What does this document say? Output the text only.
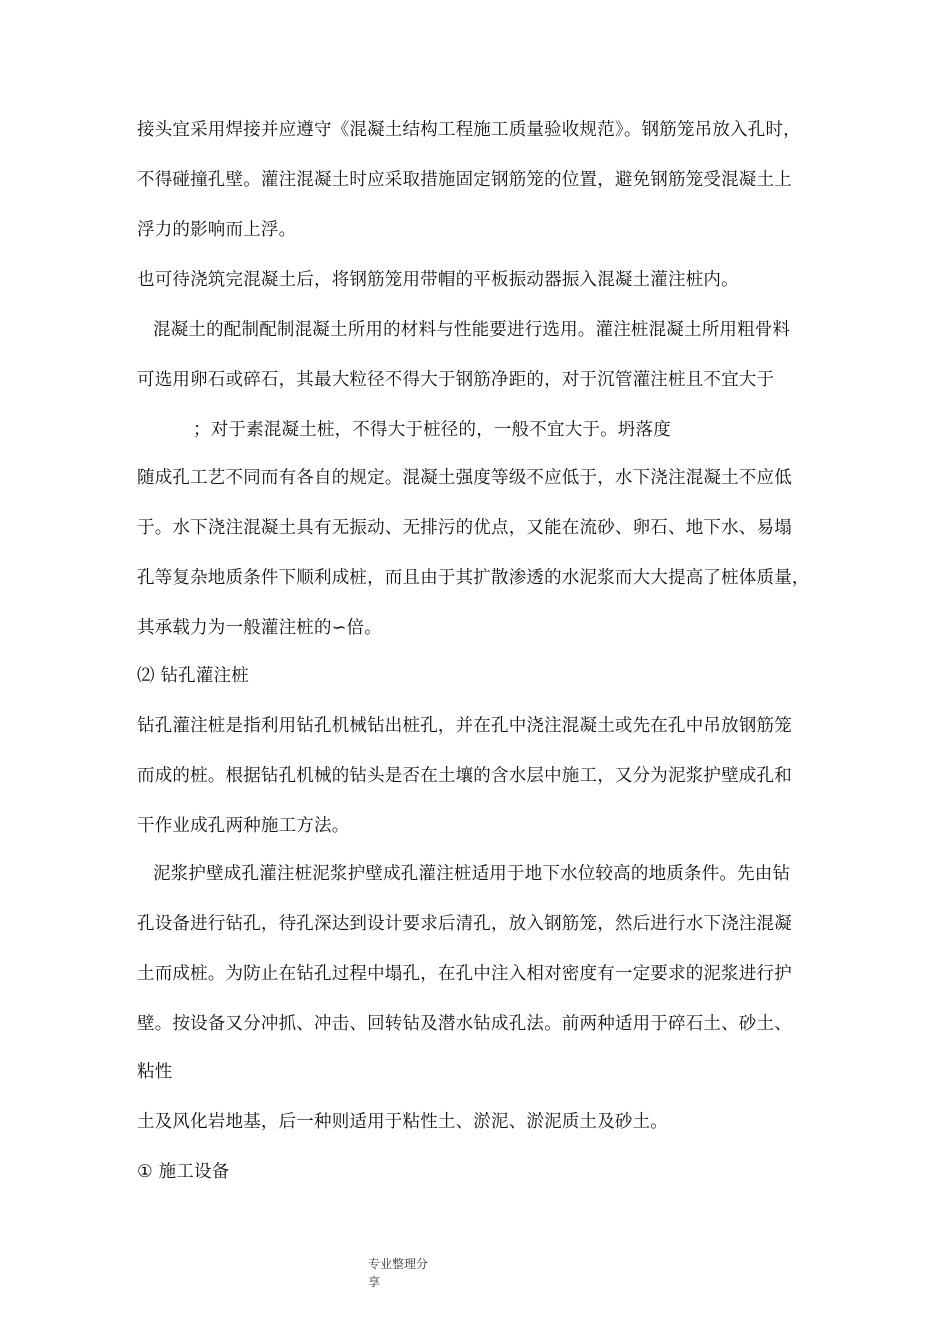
接头宜采用焊接并应遵守《混凝土结构工程施工质量验收规范》。钢筋笼吊放入孔时，
不得碰撞孔壁。灌注混凝土时应采取措施固定钢筋笼的位置，避免钢筋笼受混凝土上
浮力的影响而上浮。
也可待浇筑完混凝土后，将钢筋笼用带帽的平板振动器振入混凝土灌注桩内。
混凝土的配制配制混凝土所用的材料与性能要进行选用。灌注桩混凝土所用粗骨料
可选用卵石或碎石，其最大粒径不得大于钢筋净距的，对于沉管灌注桩且不宜大于
；对于素混凝土桩，不得大于桩径的，一般不宜大于。坍落度
随成孔工艺不同而有各自的规定。混凝土强度等级不应低于，水下浇注混凝土不应低
于。水下浇注混凝土具有无振动、无排污的优点，又能在流砂、卵石、地下水、易塌
孔等复杂地质条件下顺利成桩，而且由于其扩散渗透的水泥浆而大大提高了桩体质量，
其承载力为一般灌注桩的∽倍。
⑵ 钻孔灌注桩
钻孔灌注桩是指利用钻孔机械钻出桩孔，并在孔中浇注混凝土或先在孔中吊放钢筋笼
而成的桩。根据钻孔机械的钻头是否在土壤的含水层中施工，又分为泥浆护壁成孔和
干作业成孔两种施工方法。
泥浆护壁成孔灌注桩泥浆护壁成孔灌注桩适用于地下水位较高的地质条件。先由钻
孔设备进行钻孔，待孔深达到设计要求后清孔，放入钢筋笼，然后进行水下浇注混凝
土而成桩。为防止在钻孔过程中塌孔，在孔中注入相对密度有一定要求的泥浆进行护
壁。按设备又分冲抓、冲击、回转钻及潜水钻成孔法。前两种适用于碎石土、砂土、
粘性
土及风化岩地基，后一种则适用于粘性土、淤泥、淤泥质土及砂土。
① 施工设备
专业整理分
享
